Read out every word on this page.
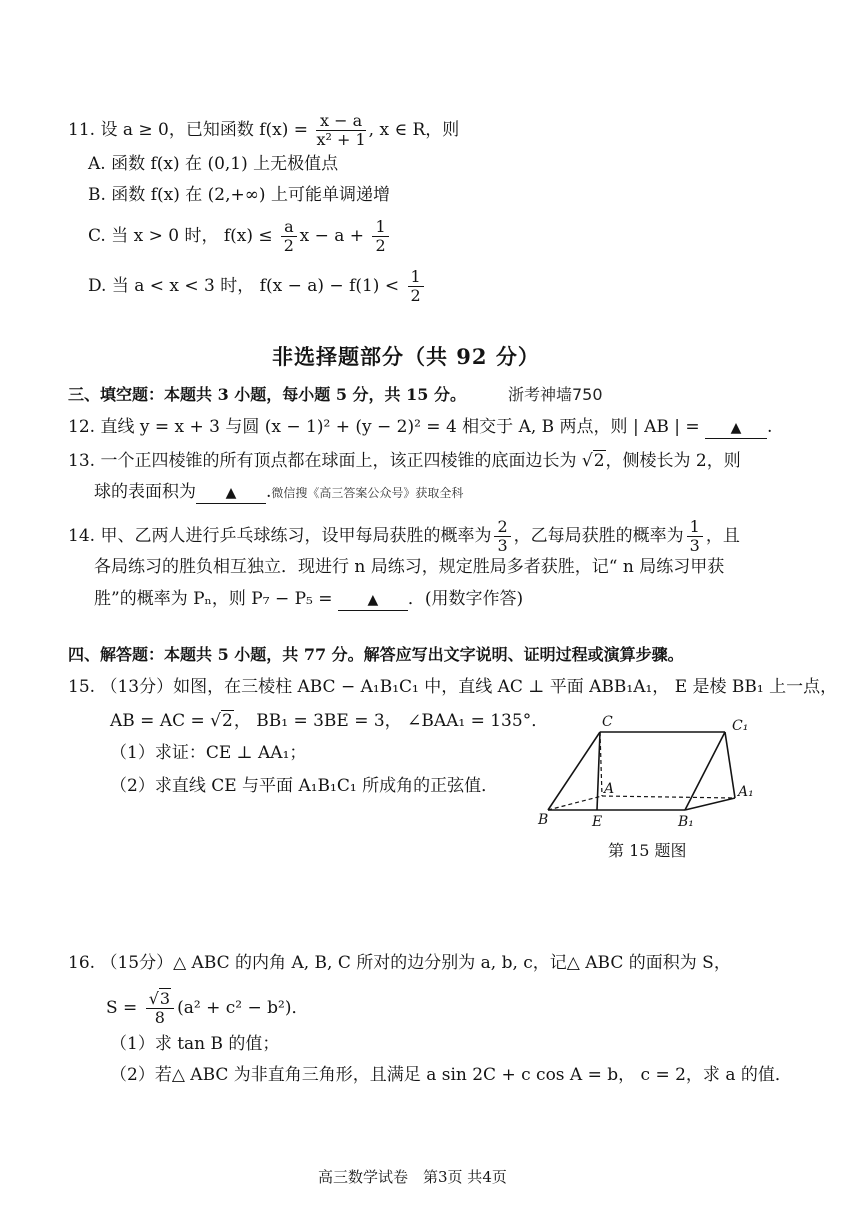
11. 设 a ≥ 0，已知函数 $f(x) = \frac{x - a}{\text{x² + 1}}$ , x ∈ R，则
A. 函数 f(x) 在 (0,1) 上无极值点
B. 函数 f(x) 在 (2,+∞) 上可能单调递增
C. 当 x > 0 时， $f(x) \le \frac{a}{2}$ $x - a + \frac{1}{2}$
D. 当 a < x < 3 时， $f(x - a) - f(1) < \frac{1}{2}$
非选择题部分（共 92 分）
三、填空题：本题共 3 小题，每小题 5 分，共 15 分。	浙考神墙750
12. 直线 y = x + 3 与圆 (x − 1)² + (y − 2)² = 4 相交于 A, B 两点，则 | AB | = ▲ .
13. 一个正四棱锥的所有顶点都在球面上，该正四棱锥的底面边长为 √2，侧棱长为 2，则
球的表面积为 ▲ .微信搜《高三答案公众号》获取全科
14. 甲、乙两人进行乒乓球练习，设甲每局获胜的概率为 $\frac{2}{3}$ ，乙每局获胜的概率为 $\frac{1}{3}$ ，且
各局练习的胜负相互独立．现进行 n 局练习，规定胜局多者获胜，记“ n 局练习甲获
胜”的概率为 Pₙ，则 P₇ − P₅ =	▲ ．(用数字作答)
四、解答题：本题共 5 小题，共 77 分。解答应写出文字说明、证明过程或演算步骤。
15. （13分）如图，在三棱柱 ABC − A₁B₁C₁ 中，直线 AC ⊥ 平面 ABB₁A₁， E 是棱 BB₁ 上一点，
AB = AC = √2， BB₁ = 3BE = 3， ∠BAA₁ = 135°．
（1）求证：CE ⊥ AA₁；
（2）求直线 CE 与平面 A₁B₁C₁ 所成角的正弦值．
C	C₁
A	A₁
B	E	B₁
第 15 题图
16. （15分）△ ABC 的内角 A, B, C 所对的边分别为 a, b, c，记△ ABC 的面积为 S，
$S = \frac{√3}{8} (a^2 + c^2 - b^2)$．
（1）求 tan B 的值；
（2）若△ ABC 为非直角三角形，且满足 a sin 2C + c cos A = b， c = 2，求 a 的值．
高三数学试卷　第3页 共4页
